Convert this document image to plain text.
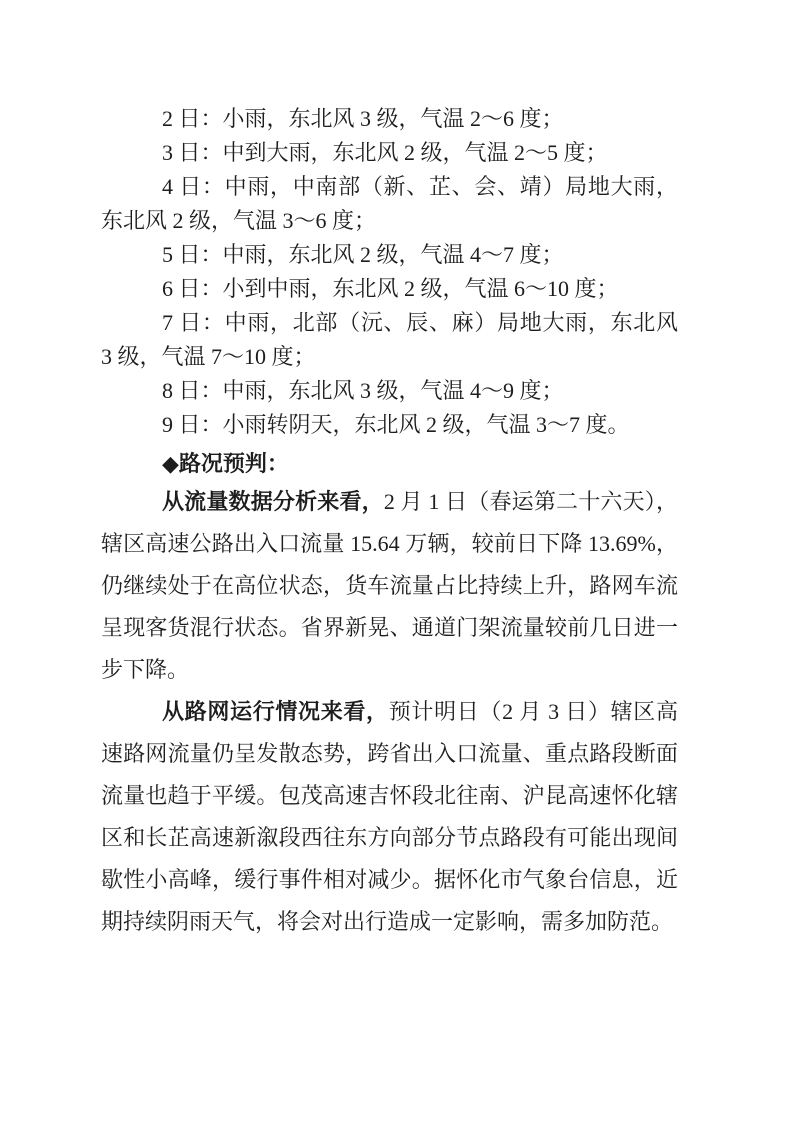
2 日：小雨，东北风 3 级，气温 2～6 度；

3 日：中到大雨，东北风 2 级，气温 2～5 度；

4 日：中雨，中南部（新、芷、会、靖）局地大雨，东北风 2 级，气温 3～6 度；

5 日：中雨，东北风 2 级，气温 4～7 度；

6 日：小到中雨，东北风 2 级，气温 6～10 度；

7 日：中雨，北部（沅、辰、麻）局地大雨，东北风 3 级，气温 7～10 度；

8 日：中雨，东北风 3 级，气温 4～9 度；

9 日：小雨转阴天，东北风 2 级，气温 3～7 度。

◆路况预判：

从流量数据分析来看，2 月 1 日（春运第二十六天），辖区高速公路出入口流量 15.64 万辆，较前日下降 13.69%，仍继续处于在高位状态，货车流量占比持续上升，路网车流呈现客货混行状态。省界新晃、通道门架流量较前几日进一步下降。

从路网运行情况来看，预计明日（2 月 3 日）辖区高速路网流量仍呈发散态势，跨省出入口流量、重点路段断面流量也趋于平缓。包茂高速吉怀段北往南、沪昆高速怀化辖区和长芷高速新溆段西往东方向部分节点路段有可能出现间歇性小高峰，缓行事件相对减少。据怀化市气象台信息，近期持续阴雨天气，将会对出行造成一定影响，需多加防范。
